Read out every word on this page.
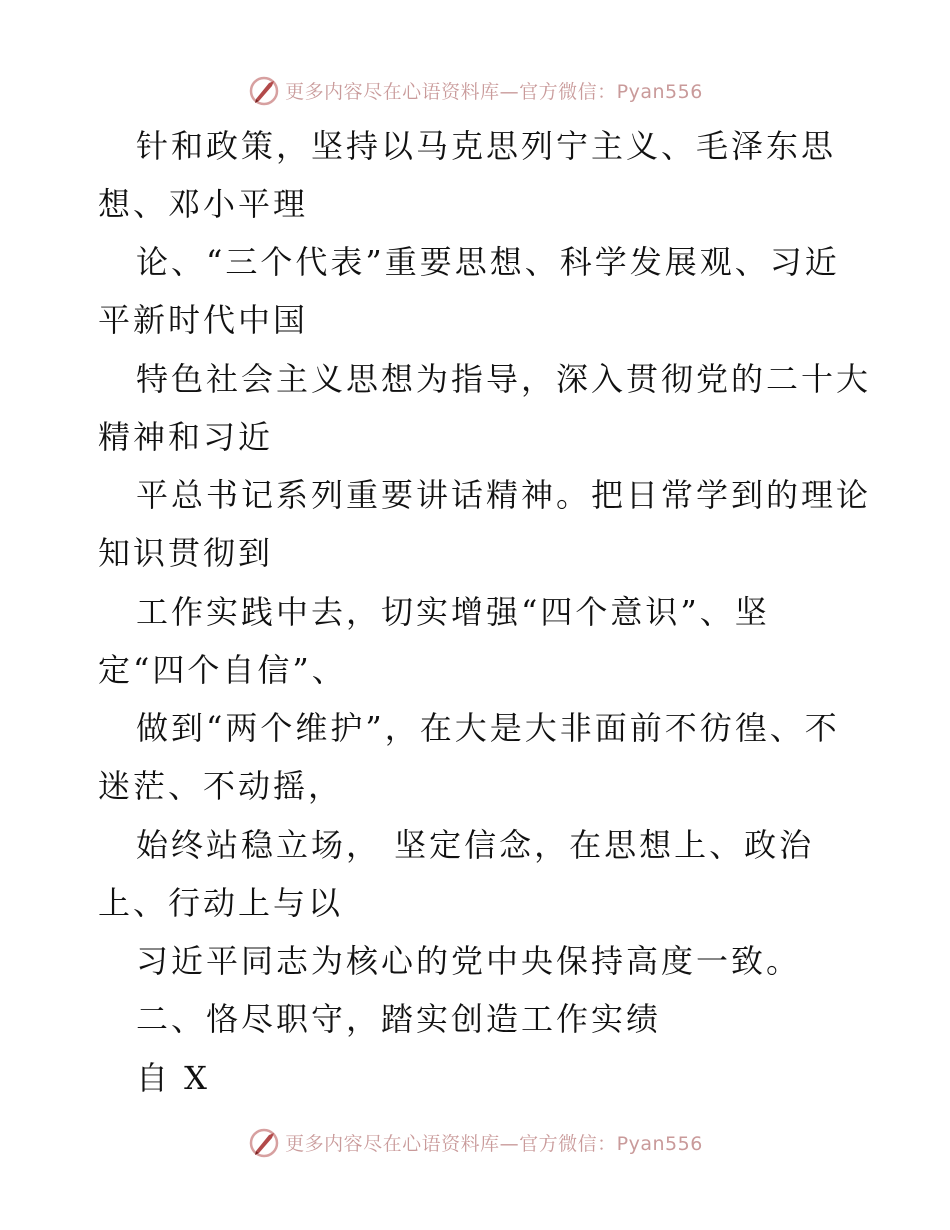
更多内容尽在心语资料库—官方微信：Pyan556
针和政策，坚持以马克思列宁主义、毛泽东思
想、邓小平理
论、“三个代表”重要思想、科学发展观、习近
平新时代中国
特色社会主义思想为指导，深入贯彻党的二十大
精神和习近
平总书记系列重要讲话精神。把日常学到的理论
知识贯彻到
工作实践中去，切实增强“四个意识”、坚
定“四个自信”、
做到“两个维护”，在大是大非面前不彷徨、不
迷茫、不动摇，
始终站稳立场， 坚定信念，在思想上、政治
上、行动上与以
习近平同志为核心的党中央保持高度一致。
二、恪尽职守，踏实创造工作实绩
自 X
更多内容尽在心语资料库—官方微信：Pyan556
